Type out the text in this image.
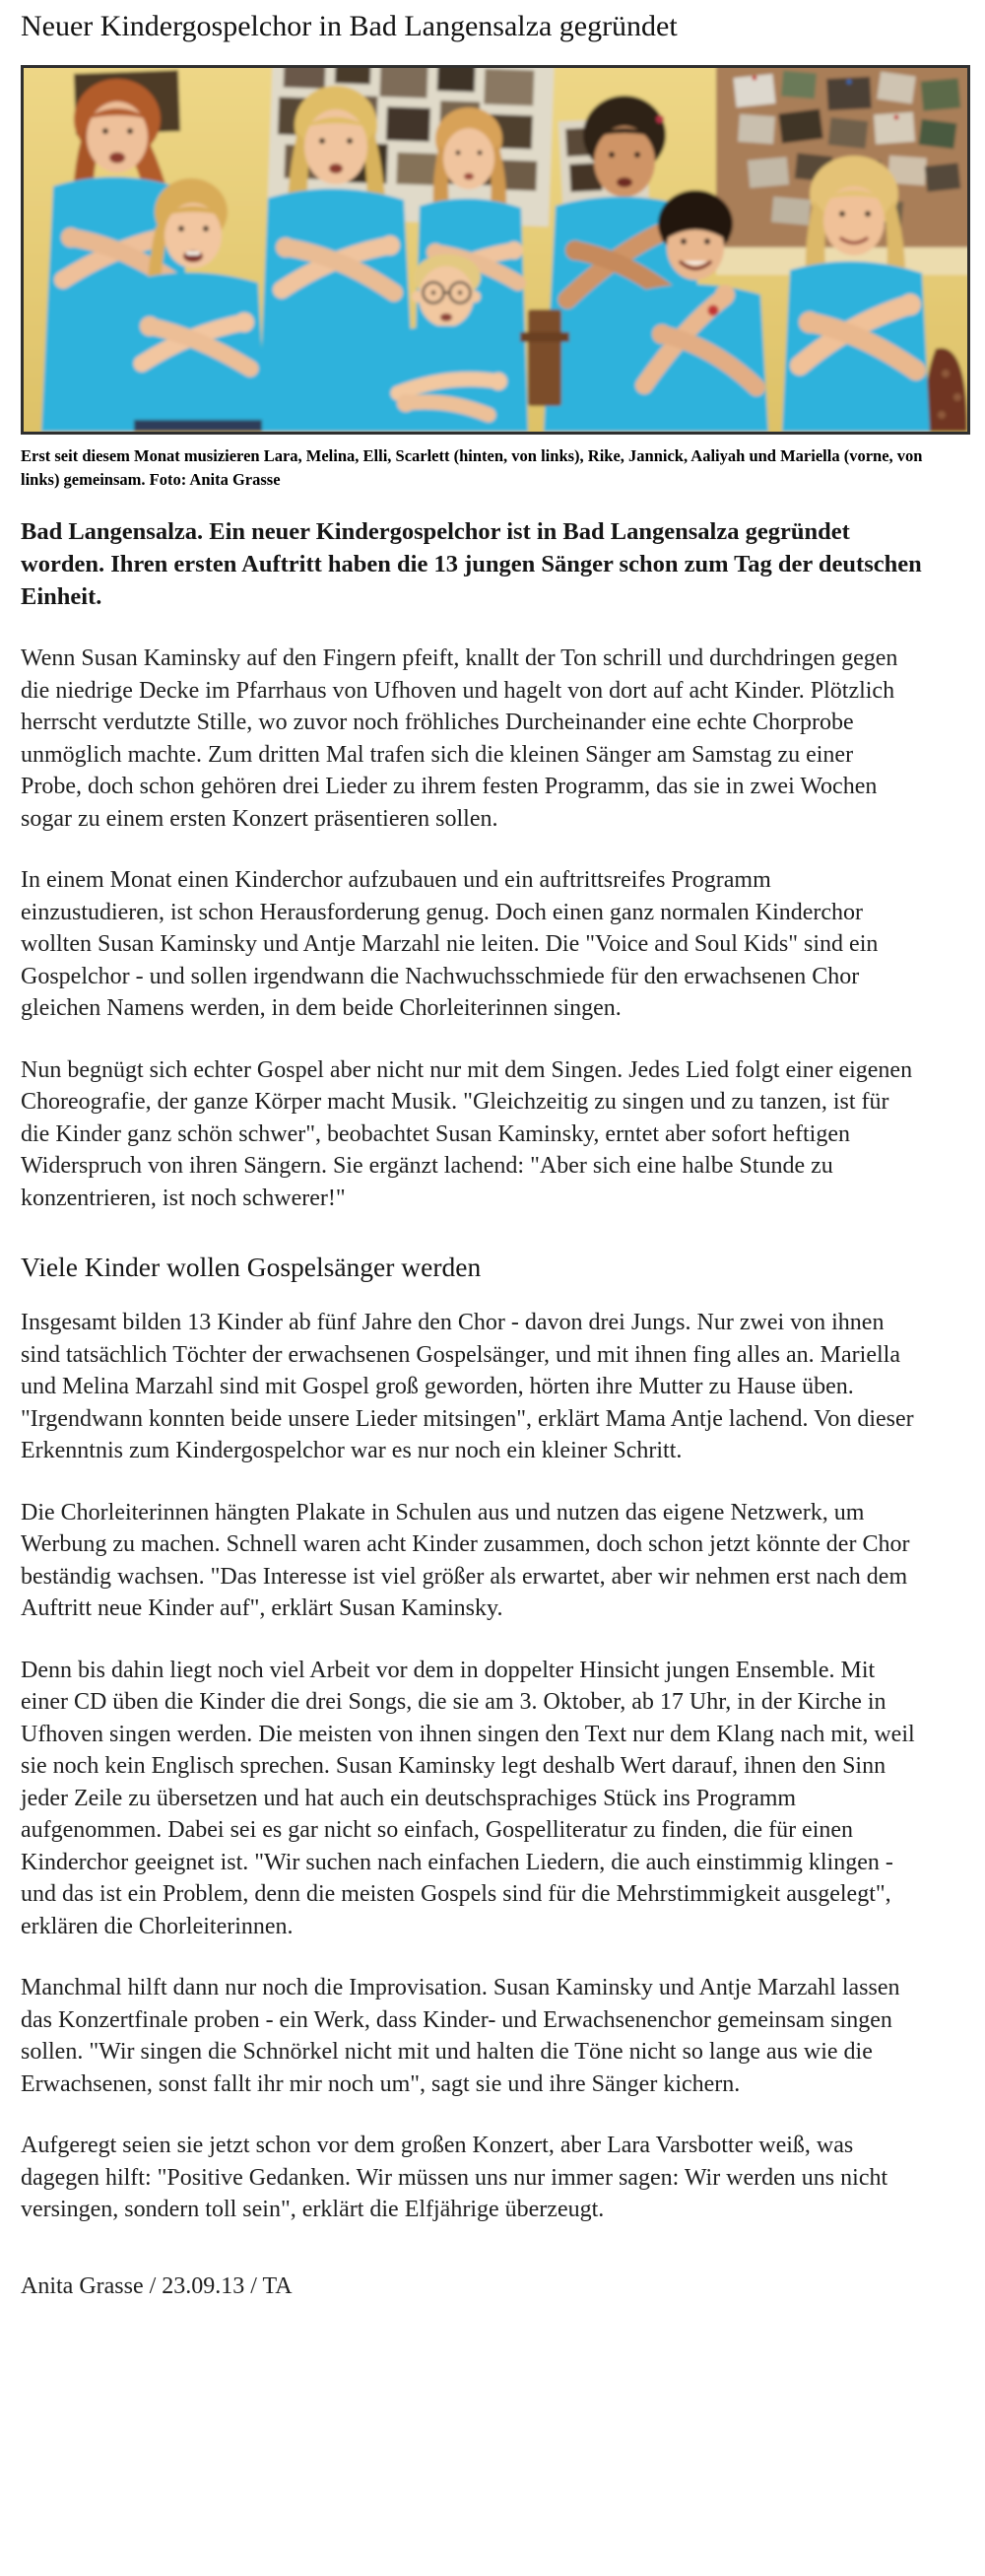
Neuer Kindergospelchor in Bad Langensalza gegründet

Erst seit diesem Monat musizieren Lara, Melina, Elli, Scarlett (hinten, von links), Rike, Jannick, Aaliyah und Mariella (vorne, von links) gemeinsam. Foto: Anita Grasse

Bad Langensalza. Ein neuer Kindergospelchor ist in Bad Langensalza gegründet worden. Ihren ersten Auftritt haben die 13 jungen Sänger schon zum Tag der deutschen Einheit.

Wenn Susan Kaminsky auf den Fingern pfeift, knallt der Ton schrill und durchdringen gegen die niedrige Decke im Pfarrhaus von Ufhoven und hagelt von dort auf acht Kinder. Plötzlich herrscht verdutzte Stille, wo zuvor noch fröhliches Durcheinander eine echte Chorprobe unmöglich machte. Zum dritten Mal trafen sich die kleinen Sänger am Samstag zu einer Probe, doch schon gehören drei Lieder zu ihrem festen Programm, das sie in zwei Wochen sogar zu einem ersten Konzert präsentieren sollen.

In einem Monat einen Kinderchor aufzubauen und ein auftrittsreifes Programm einzustudieren, ist schon Herausforderung genug. Doch einen ganz normalen Kinderchor wollten Susan Kaminsky und Antje Marzahl nie leiten. Die "Voice and Soul Kids" sind ein Gospelchor - und sollen irgendwann die Nachwuchsschmiede für den erwachsenen Chor gleichen Namens werden, in dem beide Chorleiterinnen singen.

Nun begnügt sich echter Gospel aber nicht nur mit dem Singen. Jedes Lied folgt einer eigenen Choreografie, der ganze Körper macht Musik. "Gleichzeitig zu singen und zu tanzen, ist für die Kinder ganz schön schwer", beobachtet Susan Kaminsky, erntet aber sofort heftigen Widerspruch von ihren Sängern. Sie ergänzt lachend: "Aber sich eine halbe Stunde zu konzentrieren, ist noch schwerer!"

Viele Kinder wollen Gospelsänger werden

Insgesamt bilden 13 Kinder ab fünf Jahre den Chor - davon drei Jungs. Nur zwei von ihnen sind tatsächlich Töchter der erwachsenen Gospelsänger, und mit ihnen fing alles an. Mariella und Melina Marzahl sind mit Gospel groß geworden, hörten ihre Mutter zu Hause üben. "Irgendwann konnten beide unsere Lieder mitsingen", erklärt Mama Antje lachend. Von dieser Erkenntnis zum Kindergospelchor war es nur noch ein kleiner Schritt.

Die Chorleiterinnen hängten Plakate in Schulen aus und nutzen das eigene Netzwerk, um Werbung zu machen. Schnell waren acht Kinder zusammen, doch schon jetzt könnte der Chor beständig wachsen. "Das Interesse ist viel größer als erwartet, aber wir nehmen erst nach dem Auftritt neue Kinder auf", erklärt Susan Kaminsky.

Denn bis dahin liegt noch viel Arbeit vor dem in doppelter Hinsicht jungen Ensemble. Mit einer CD üben die Kinder die drei Songs, die sie am 3. Oktober, ab 17 Uhr, in der Kirche in Ufhoven singen werden. Die meisten von ihnen singen den Text nur dem Klang nach mit, weil sie noch kein Englisch sprechen. Susan Kaminsky legt deshalb Wert darauf, ihnen den Sinn jeder Zeile zu übersetzen und hat auch ein deutschsprachiges Stück ins Programm aufgenommen. Dabei sei es gar nicht so einfach, Gospelliteratur zu finden, die für einen Kinderchor geeignet ist. "Wir suchen nach einfachen Liedern, die auch einstimmig klingen - und das ist ein Problem, denn die meisten Gospels sind für die Mehrstimmigkeit ausgelegt", erklären die Chorleiterinnen.

Manchmal hilft dann nur noch die Improvisation. Susan Kaminsky und Antje Marzahl lassen das Konzertfinale proben - ein Werk, dass Kinder- und Erwachsenenchor gemeinsam singen sollen. "Wir singen die Schnörkel nicht mit und halten die Töne nicht so lange aus wie die Erwachsenen, sonst fallt ihr mir noch um", sagt sie und ihre Sänger kichern.

Aufgeregt seien sie jetzt schon vor dem großen Konzert, aber Lara Varsbotter weiß, was dagegen hilft: "Positive Gedanken. Wir müssen uns nur immer sagen: Wir werden uns nicht versingen, sondern toll sein", erklärt die Elfjährige überzeugt.

Anita Grasse / 23.09.13 / TA
